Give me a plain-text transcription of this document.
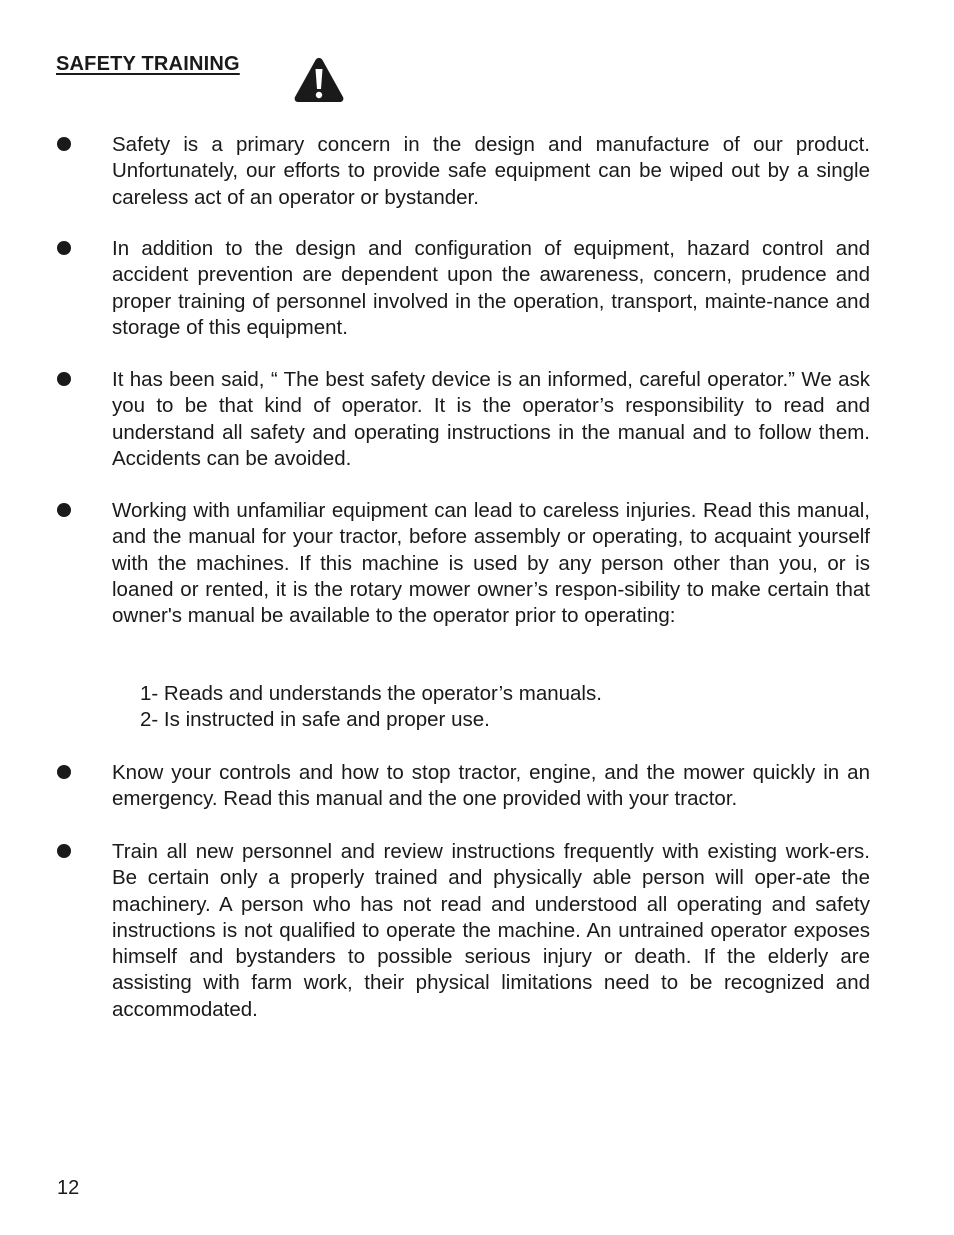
SAFETY TRAINING

Safety is a primary concern in the design and manufacture of our product. Unfortunately, our efforts to provide safe equipment can be wiped out by a single careless act of an operator or bystander.

In addition to the design and configuration of equipment, hazard control and accident prevention are dependent upon the awareness, concern, prudence and proper training of personnel involved in the operation, transport, mainte-nance and storage of this equipment.

It has been said, “ The best safety device is an informed, careful operator.” We ask you to be that kind of operator. It is the operator’s responsibility to read and understand all safety and operating instructions in the manual and to follow them. Accidents can be avoided.

Working with unfamiliar equipment can lead to careless injuries. Read this manual, and the manual for your tractor, before assembly or operating, to acquaint yourself with the machines. If this machine is used by any person other than you, or is loaned or rented, it is the rotary mower owner’s respon-sibility to make certain that owner's manual be available to the operator prior to operating:

1- Reads and understands the operator’s manuals.

2- Is instructed in safe and proper use.

Know your controls and how to stop tractor, engine, and the mower quickly in an emergency. Read this manual and the one provided with your tractor.

Train all new personnel and review instructions frequently with existing work-ers. Be certain only a properly trained and physically able person will oper-ate the machinery. A person who has not read and understood all operating and safety instructions is not qualified to operate the machine. An untrained operator exposes himself and bystanders to possible serious injury or death. If the elderly are assisting with farm work, their physical limitations need to be recognized and accommodated.

12
